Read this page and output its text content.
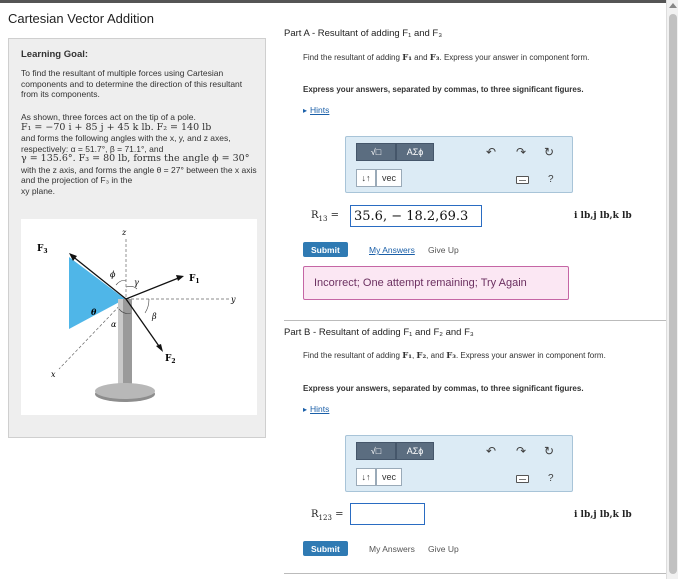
Cartesian Vector Addition
Learning Goal:

To find the resultant of multiple forces using Cartesian components and to determine the direction of this resultant from its components.

As shown, three forces act on the tip of a pole.
F₁ = −70 i + 85 j + 45 k lb. F₂ = 140 lb
and forms the following angles with the x, y, and z axes, respectively: α = 51.7°, β = 71.1°, and
γ = 135.6°. F₃ = 80 lb, forms the angle ϕ = 30°
with the z axis, and forms the angle θ = 27° between the x axis and the projection of F₃ in the
xy plane.
$F_3$
$F_1$
$F_2$
z
y
x
ϕ
γ
θ
α
β
Part A - Resultant of adding F₁ and F₃

Find the resultant of adding F₁ and F₃. Express your answer in component form.

Express your answers, separated by commas, to three significant figures.
▸ Hints
√□	AΣϕ
↓↑	vec
↶ ↷ ↻
?
$R_{13}$ =
35.6, − 18.2,69.3	i lb,j lb,k lb
Submit	My Answers Give Up
Incorrect; One attempt remaining; Try Again
Part B - Resultant of adding F₁ and F₂ and F₃

Find the resultant of adding F₁, F₂, and F₃. Express your answer in component form.

Express your answers, separated by commas, to three significant figures.
▸ Hints
√□	AΣϕ
↓↑	vec
↶ ↷ ↻
?
$R_{123}$ =	i lb,j lb,k lb
Submit	My Answers Give Up
